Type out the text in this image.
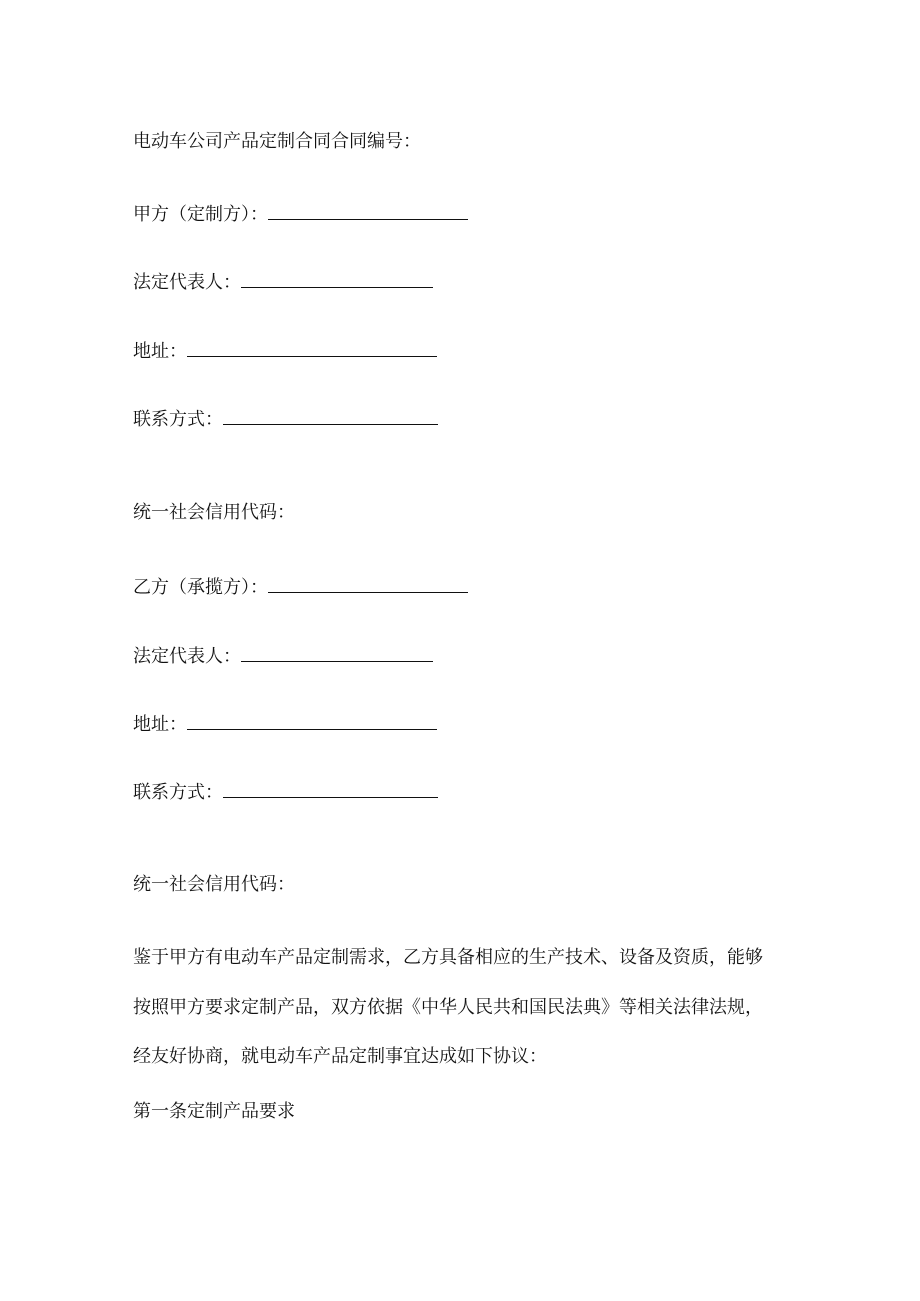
电动车公司产品定制合同合同编号：
甲方（定制方）：
法定代表人：
地址：
联系方式：
统一社会信用代码：
乙方（承揽方）：
法定代表人：
地址：
联系方式：
统一社会信用代码：
鉴于甲方有电动车产品定制需求，乙方具备相应的生产技术、设备及资质，能够
按照甲方要求定制产品，双方依据《中华人民共和国民法典》等相关法律法规，
经友好协商，就电动车产品定制事宜达成如下协议：
第一条定制产品要求
